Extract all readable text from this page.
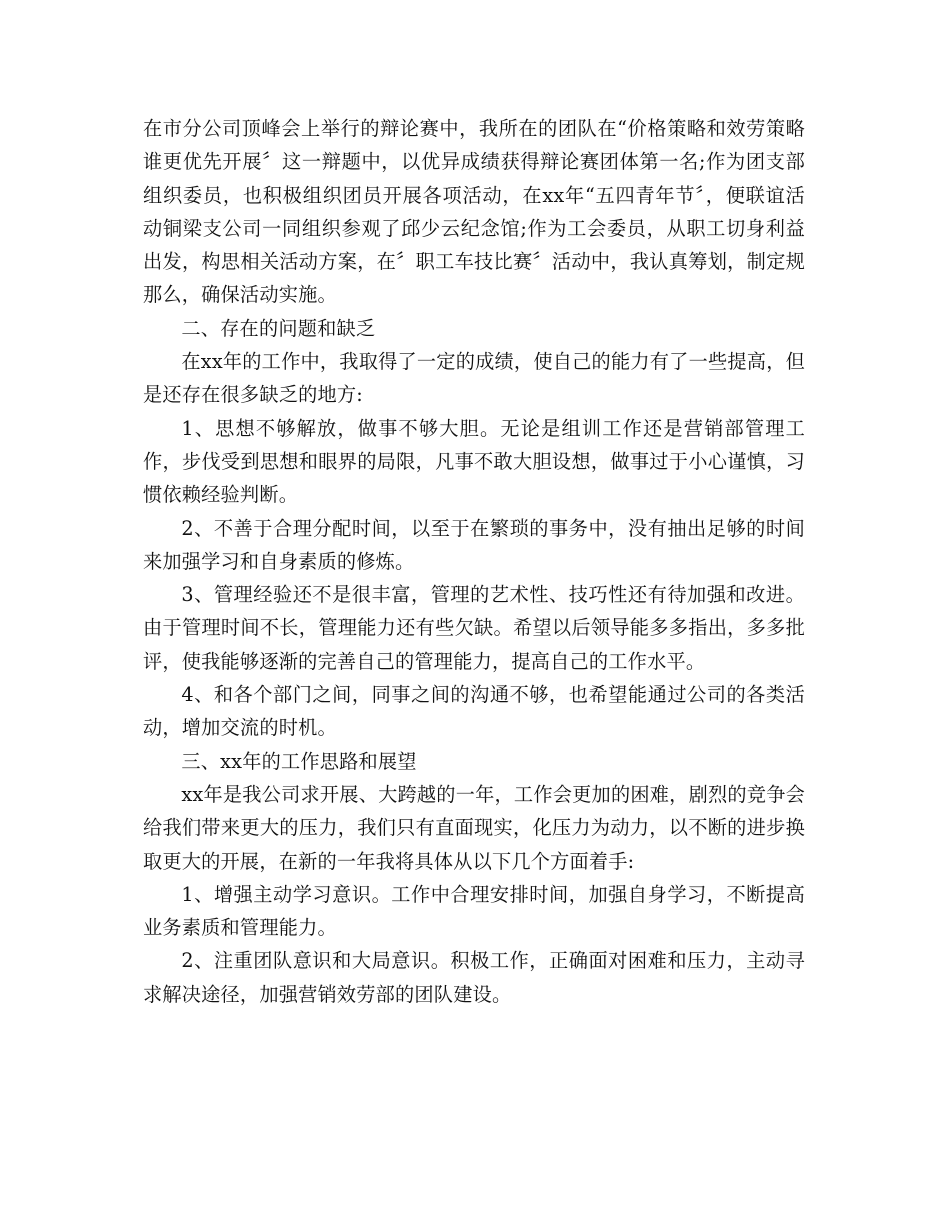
在市分公司顶峰会上举行的辩论赛中，我所在的团队在“价格策略和效劳策略谁更优先开展〞这一辩题中，以优异成绩获得辩论赛团体第一名;作为团支部组织委员，也积极组织团员开展各项活动，在xx年“五四青年节〞，便联谊活动铜梁支公司一同组织参观了邱少云纪念馆;作为工会委员，从职工切身利益出发，构思相关活动方案，在〞职工车技比赛〞活动中，我认真筹划，制定规那么，确保活动实施。

二、存在的问题和缺乏

在xx年的工作中，我取得了一定的成绩，使自己的能力有了一些提高，但是还存在很多缺乏的地方:

1、思想不够解放，做事不够大胆。无论是组训工作还是营销部管理工作，步伐受到思想和眼界的局限，凡事不敢大胆设想，做事过于小心谨慎，习惯依赖经验判断。

2、不善于合理分配时间，以至于在繁琐的事务中，没有抽出足够的时间来加强学习和自身素质的修炼。

3、管理经验还不是很丰富，管理的艺术性、技巧性还有待加强和改进。由于管理时间不长，管理能力还有些欠缺。希望以后领导能多多指出，多多批评，使我能够逐渐的完善自己的管理能力，提高自己的工作水平。

4、和各个部门之间，同事之间的沟通不够，也希望能通过公司的各类活动，增加交流的时机。

三、xx年的工作思路和展望

xx年是我公司求开展、大跨越的一年，工作会更加的困难，剧烈的竞争会给我们带来更大的压力，我们只有直面现实，化压力为动力，以不断的进步换取更大的开展，在新的一年我将具体从以下几个方面着手:

1、增强主动学习意识。工作中合理安排时间，加强自身学习，不断提高业务素质和管理能力。

2、注重团队意识和大局意识。积极工作，正确面对困难和压力，主动寻求解决途径，加强营销效劳部的团队建设。
